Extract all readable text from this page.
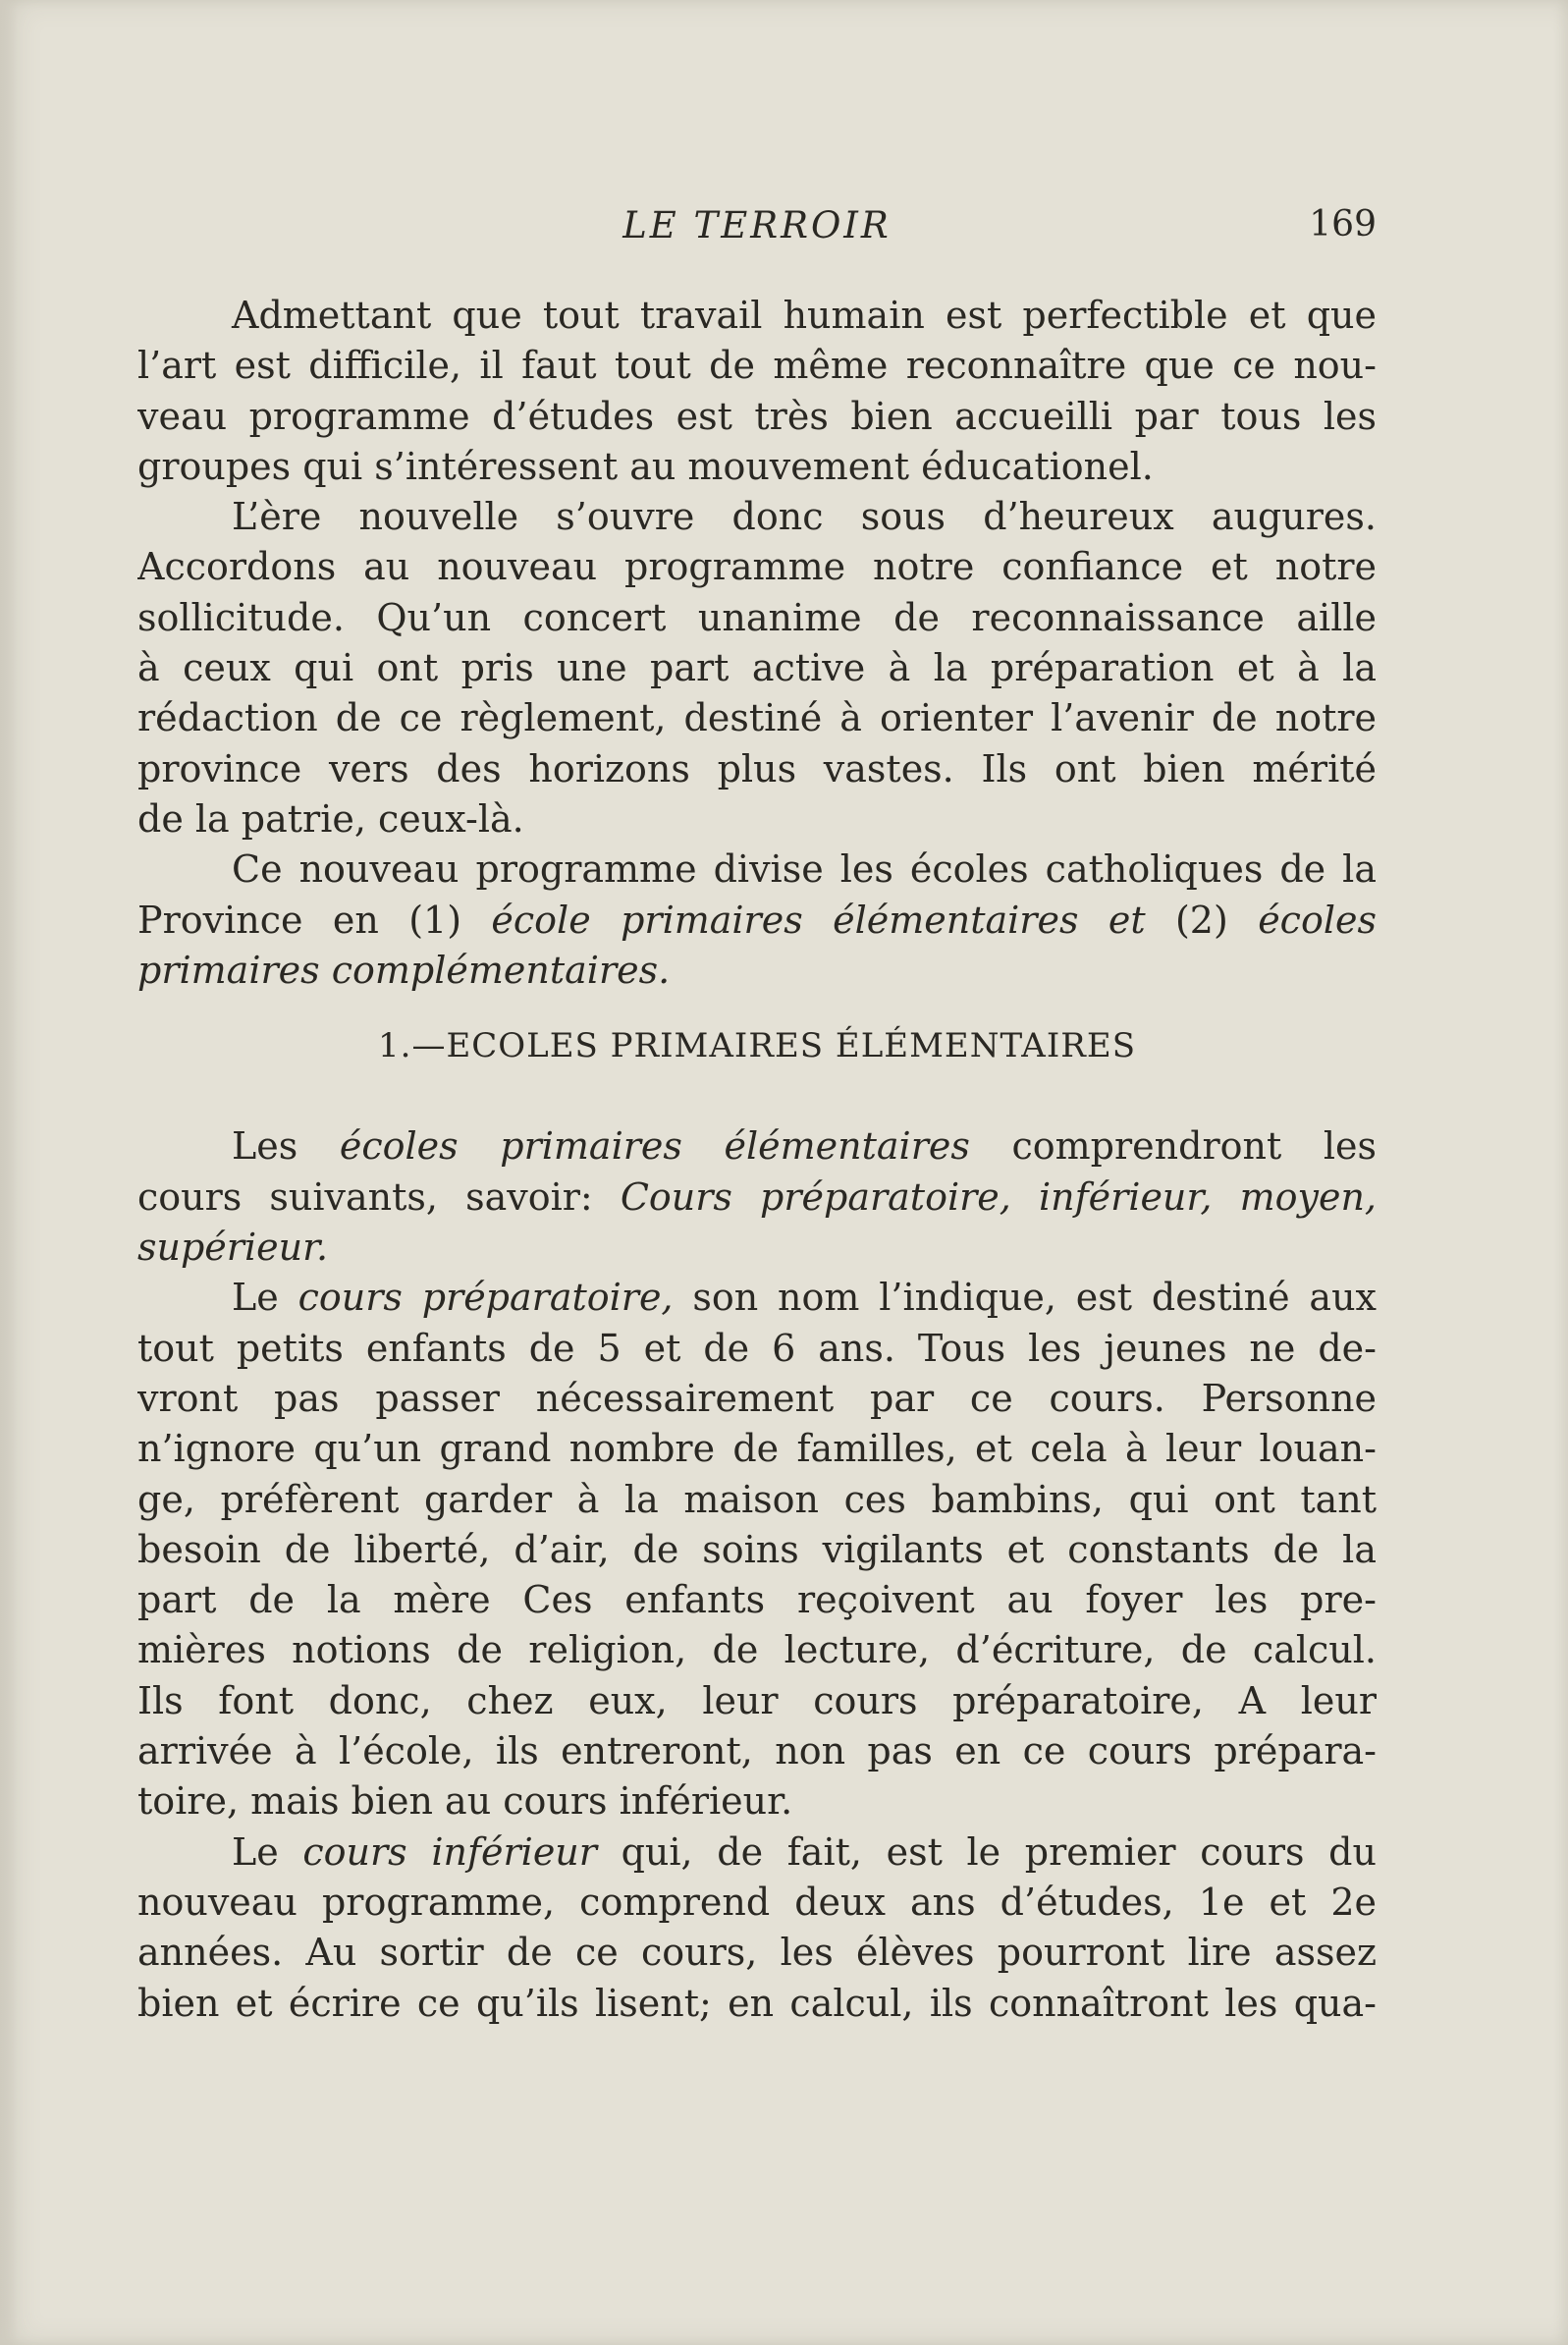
LE TERROIR	169
Admettant que tout travail humain est perfectible et que
l’art est difficile, il faut tout de même reconnaître que ce nou-
veau programme d’études est très bien accueilli par tous les
groupes qui s’intéressent au mouvement éducationel.
L’ère nouvelle s’ouvre donc sous d’heureux augures.
Accordons au nouveau programme notre confiance et notre
sollicitude. Qu’un concert unanime de reconnaissance aille
à ceux qui ont pris une part active à la préparation et à la
rédaction de ce règlement, destiné à orienter l’avenir de notre
province vers des horizons plus vastes. Ils ont bien mérité
de la patrie, ceux-là.
Ce nouveau programme divise les écoles catholiques de la
Province en (1) école primaires élémentaires et (2) écoles
primaires complémentaires.
1.—ECOLES PRIMAIRES ÉLÉMENTAIRES
Les écoles primaires élémentaires comprendront les
cours suivants, savoir: Cours préparatoire, inférieur, moyen,
supérieur.
Le cours préparatoire, son nom l’indique, est destiné aux
tout petits enfants de 5 et de 6 ans. Tous les jeunes ne de-
vront pas passer nécessairement par ce cours. Personne
n’ignore qu’un grand nombre de familles, et cela à leur louan-
ge, préfèrent garder à la maison ces bambins, qui ont tant
besoin de liberté, d’air, de soins vigilants et constants de la
part de la mère Ces enfants reçoivent au foyer les pre-
mières notions de religion, de lecture, d’écriture, de calcul.
Ils font donc, chez eux, leur cours préparatoire, A leur
arrivée à l’école, ils entreront, non pas en ce cours prépara-
toire, mais bien au cours inférieur.
Le cours inférieur qui, de fait, est le premier cours du
nouveau programme, comprend deux ans d’études, 1e et 2e
années. Au sortir de ce cours, les élèves pourront lire assez
bien et écrire ce qu’ils lisent; en calcul, ils connaîtront les qua-
